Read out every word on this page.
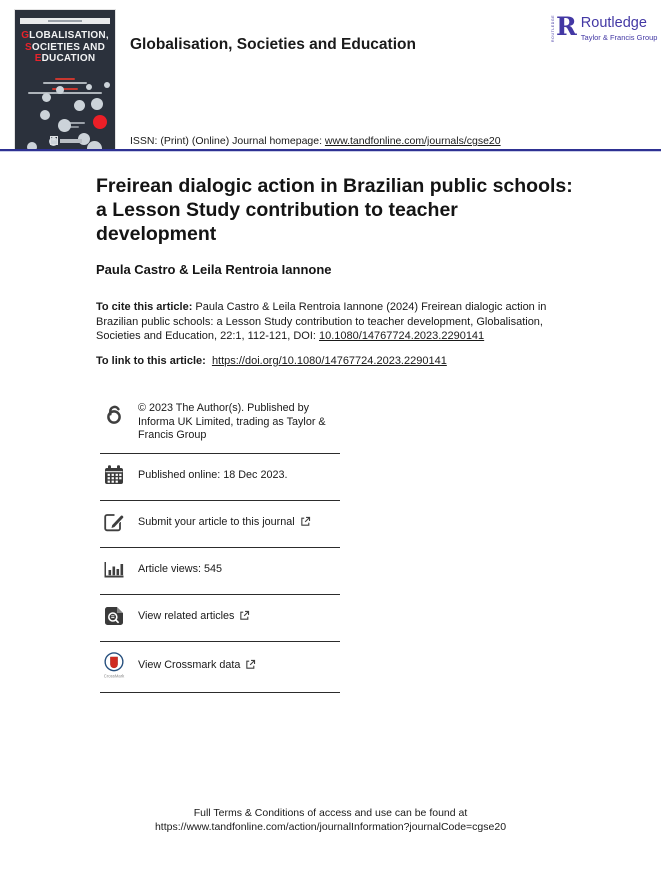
GLOBALISATION,
SOCIETIES AND
EDUCATION
R
Globalisation, Societies and Education
ROUTLEDGE R Routledge
Taylor & Francis Group
ISSN: (Print) (Online) Journal homepage: www.tandfonline.com/journals/cgse20
Freirean dialogic action in Brazilian public schools: a Lesson Study contribution to teacher development
Paula Castro & Leila Rentroia Iannone
To cite this article: Paula Castro & Leila Rentroia Iannone (2024) Freirean dialogic action in Brazilian public schools: a Lesson Study contribution to teacher development, Globalisation, Societies and Education, 22:1, 112-121, DOI: 10.1080/14767724.2023.2290141
To link to this article: https://doi.org/10.1080/14767724.2023.2290141
© 2023 The Author(s). Published by Informa UK Limited, trading as Taylor & Francis Group
Published online: 18 Dec 2023.
Submit your article to this journal
Article views: 545
View related articles
CrossMark
View Crossmark data
Full Terms & Conditions of access and use can be found at
https://www.tandfonline.com/action/journalInformation?journalCode=cgse20
